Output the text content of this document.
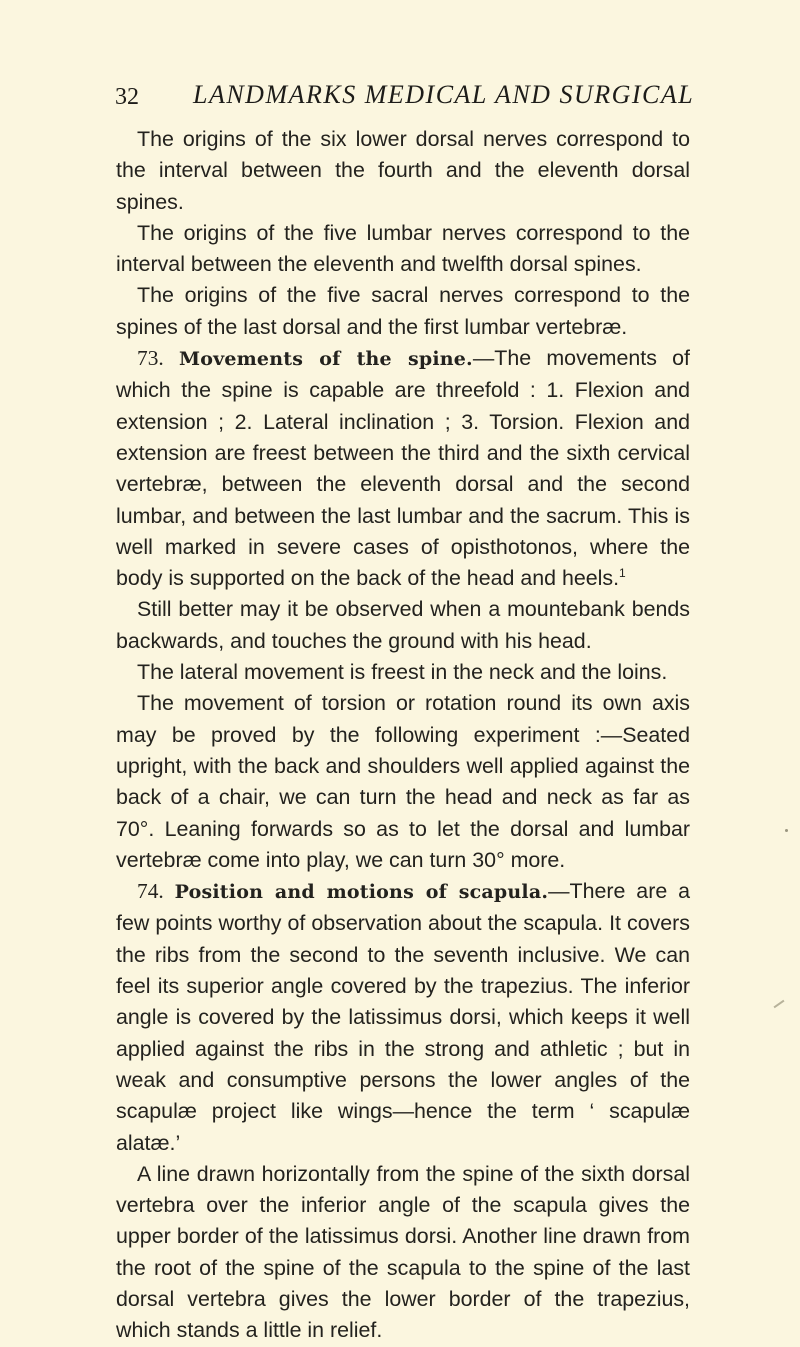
32 LANDMARKS MEDICAL AND SURGICAL

The origins of the six lower dorsal nerves correspond to the interval between the fourth and the eleventh dorsal spines.

The origins of the five lumbar nerves correspond to the interval between the eleventh and twelfth dorsal spines.

The origins of the five sacral nerves correspond to the spines of the last dorsal and the first lumbar vertebræ.

73. Movements of the spine.—The movements of which the spine is capable are threefold : 1. Flexion and extension ; 2. Lateral inclination ; 3. Torsion. Flexion and extension are freest between the third and the sixth cervical vertebræ, between the eleventh dorsal and the second lumbar, and between the last lumbar and the sacrum. This is well marked in severe cases of opisthotonos, where the body is supported on the back of the head and heels.$^1$

Still better may it be observed when a mountebank bends backwards, and touches the ground with his head.

The lateral movement is freest in the neck and the loins.

The movement of torsion or rotation round its own axis may be proved by the following experiment :—Seated upright, with the back and shoulders well applied against the back of a chair, we can turn the head and neck as far as 70°. Leaning forwards so as to let the dorsal and lumbar vertebræ come into play, we can turn 30° more.

74. Position and motions of scapula.—There are a few points worthy of observation about the scapula. It covers the ribs from the second to the seventh inclusive. We can feel its superior angle covered by the trapezius. The inferior angle is covered by the latissimus dorsi, which keeps it well applied against the ribs in the strong and athletic ; but in weak and consumptive persons the lower angles of the scapulæ project like wings—hence the term ‘ scapulæ alatæ.’

A line drawn horizontally from the spine of the sixth dorsal vertebra over the inferior angle of the scapula gives the upper border of the latissimus dorsi. Another line drawn from the root of the spine of the scapula to the spine of the last dorsal vertebra gives the lower border of the trapezius, which stands a little in relief.
